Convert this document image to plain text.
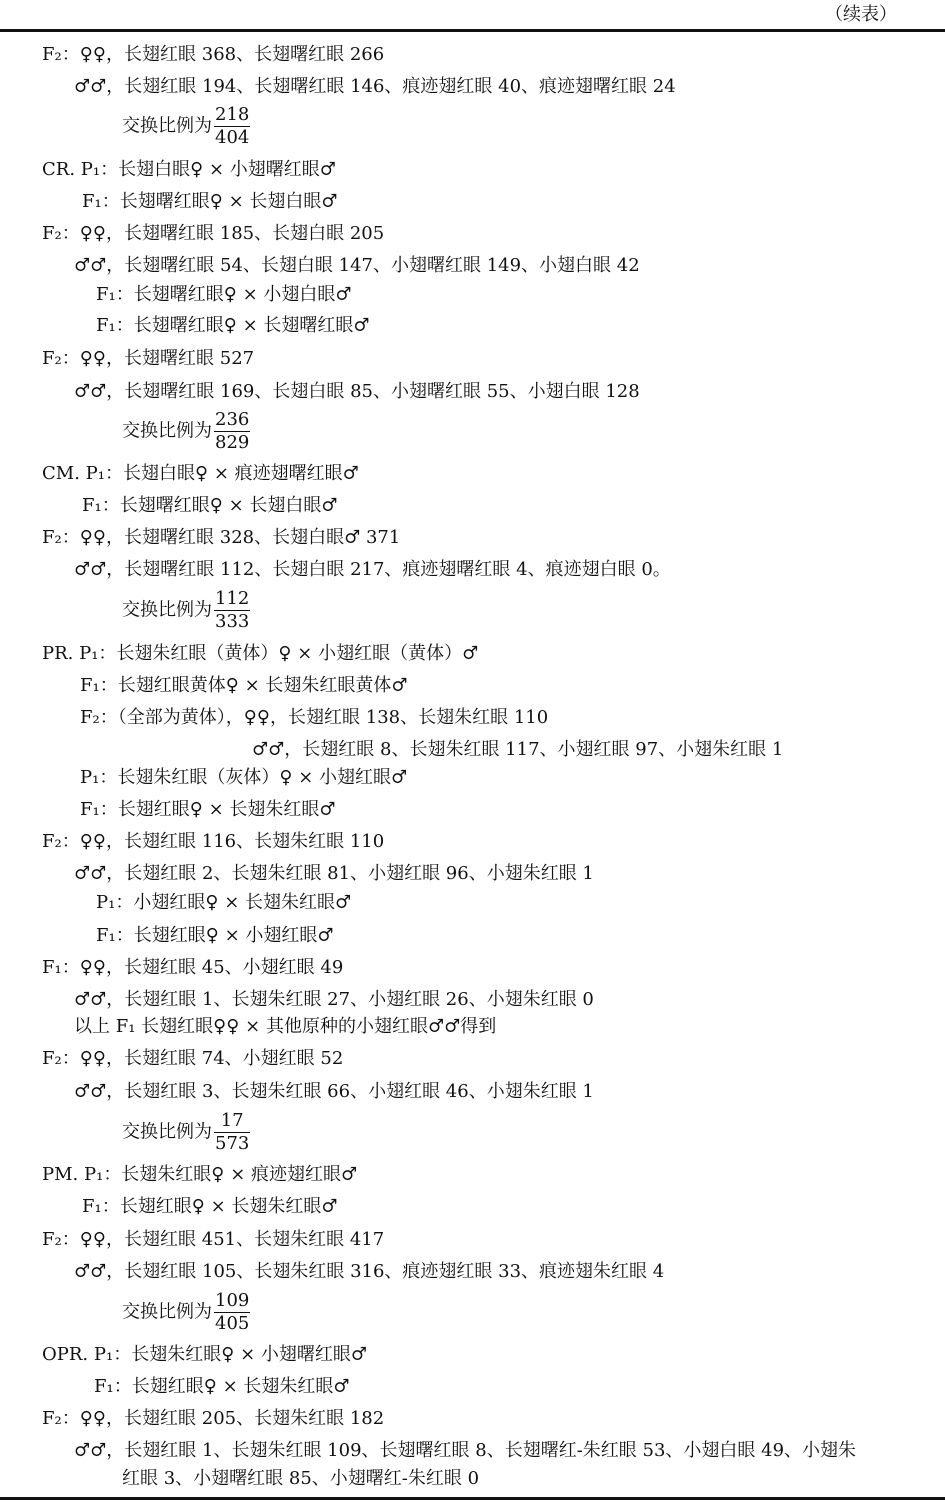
（续表）
F₂：♀♀，长翅红眼 368、长翅曙红眼 266
♂♂，长翅红眼 194、长翅曙红眼 146、痕迹翅红眼 40、痕迹翅曙红眼 24
交换比例为 $\frac{218}{404}$
CR. P₁：长翅白眼♀ × 小翅曙红眼♂
F₁：长翅曙红眼♀ × 长翅白眼♂
F₂：♀♀，长翅曙红眼 185、长翅白眼 205
♂♂，长翅曙红眼 54、长翅白眼 147、小翅曙红眼 149、小翅白眼 42
F₁：长翅曙红眼♀ × 小翅白眼♂
F₁：长翅曙红眼♀ × 长翅曙红眼♂
F₂：♀♀，长翅曙红眼 527
♂♂，长翅曙红眼 169、长翅白眼 85、小翅曙红眼 55、小翅白眼 128
交换比例为 $\frac{236}{829}$
CM. P₁：长翅白眼♀ × 痕迹翅曙红眼♂
F₁：长翅曙红眼♀ × 长翅白眼♂
F₂：♀♀，长翅曙红眼 328、长翅白眼♂ 371
♂♂，长翅曙红眼 112、长翅白眼 217、痕迹翅曙红眼 4、痕迹翅白眼 0。
交换比例为 $\frac{112}{333}$
PR. P₁：长翅朱红眼（黄体）♀ × 小翅红眼（黄体）♂
F₁：长翅红眼黄体♀ × 长翅朱红眼黄体♂
F₂：（全部为黄体），♀♀，长翅红眼 138、长翅朱红眼 110
♂♂，长翅红眼 8、长翅朱红眼 117、小翅红眼 97、小翅朱红眼 1
P₁：长翅朱红眼（灰体）♀ × 小翅红眼♂
F₁：长翅红眼♀ × 长翅朱红眼♂
F₂：♀♀，长翅红眼 116、长翅朱红眼 110
♂♂，长翅红眼 2、长翅朱红眼 81、小翅红眼 96、小翅朱红眼 1
P₁：小翅红眼♀ × 长翅朱红眼♂
F₁：长翅红眼♀ × 小翅红眼♂
F₁：♀♀，长翅红眼 45、小翅红眼 49
♂♂，长翅红眼 1、长翅朱红眼 27、小翅红眼 26、小翅朱红眼 0
以上 F₁ 长翅红眼♀♀ × 其他原种的小翅红眼♂♂得到
F₂：♀♀，长翅红眼 74、小翅红眼 52
♂♂，长翅红眼 3、长翅朱红眼 66、小翅红眼 46、小翅朱红眼 1
交换比例为 $\frac{17}{573}$
PM. P₁：长翅朱红眼♀ × 痕迹翅红眼♂
F₁：长翅红眼♀ × 长翅朱红眼♂
F₂：♀♀，长翅红眼 451、长翅朱红眼 417
♂♂，长翅红眼 105、长翅朱红眼 316、痕迹翅红眼 33、痕迹翅朱红眼 4
交换比例为 $\frac{109}{405}$
OPR. P₁：长翅朱红眼♀ × 小翅曙红眼♂
F₁：长翅红眼♀ × 长翅朱红眼♂
F₂：♀♀，长翅红眼 205、长翅朱红眼 182
♂♂，长翅红眼 1、长翅朱红眼 109、长翅曙红眼 8、长翅曙红-朱红眼 53、小翅白眼 49、小翅朱
红眼 3、小翅曙红眼 85、小翅曙红-朱红眼 0
